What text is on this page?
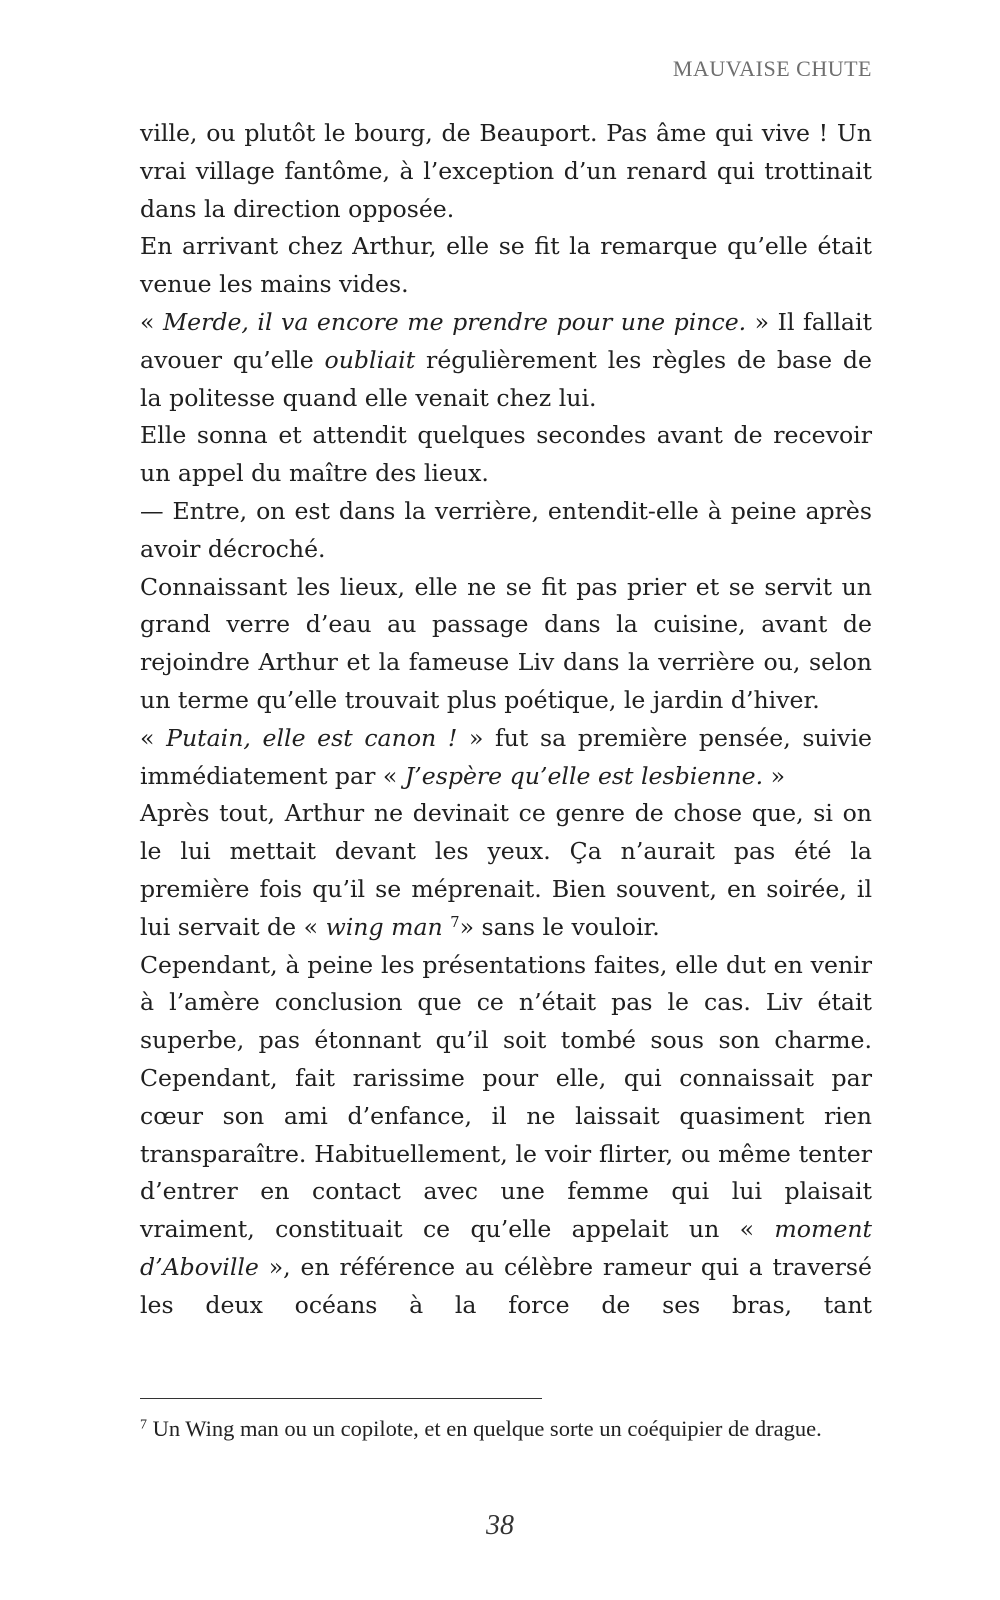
MAUVAISE CHUTE

ville, ou plutôt le bourg, de Beauport. Pas âme qui vive ! Un vrai village fantôme, à l’exception d’un renard qui trottinait dans la direction opposée.

En arrivant chez Arthur, elle se fit la remarque qu’elle était venue les mains vides.

« Merde, il va encore me prendre pour une pince. » Il fallait avouer qu’elle oubliait régulièrement les règles de base de la politesse quand elle venait chez lui.

Elle sonna et attendit quelques secondes avant de recevoir un appel du maître des lieux.

— Entre, on est dans la verrière, entendit-elle à peine après avoir décroché.

Connaissant les lieux, elle ne se fit pas prier et se servit un grand verre d’eau au passage dans la cuisine, avant de rejoindre Arthur et la fameuse Liv dans la verrière ou, selon un terme qu’elle trouvait plus poétique, le jardin d’hiver.

« Putain, elle est canon ! » fut sa première pensée, suivie immédiatement par « J’espère qu’elle est lesbienne. »

Après tout, Arthur ne devinait ce genre de chose que, si on le lui mettait devant les yeux. Ça n’aurait pas été la première fois qu’il se méprenait. Bien souvent, en soirée, il lui servait de « wing man $^7$» sans le vouloir.

Cependant, à peine les présentations faites, elle dut en venir à l’amère conclusion que ce n’était pas le cas. Liv était superbe, pas étonnant qu’il soit tombé sous son charme. Cependant, fait rarissime pour elle, qui connaissait par cœur son ami d’enfance, il ne laissait quasiment rien transparaître. Habituellement, le voir flirter, ou même tenter d’entrer en contact avec une femme qui lui plaisait vraiment, constituait ce qu’elle appelait un « moment d’Aboville », en référence au célèbre rameur qui a traversé les deux océans à la force de ses bras, tant

$^7$ Un Wing man ou un copilote, et en quelque sorte un coéquipier de drague.

38
